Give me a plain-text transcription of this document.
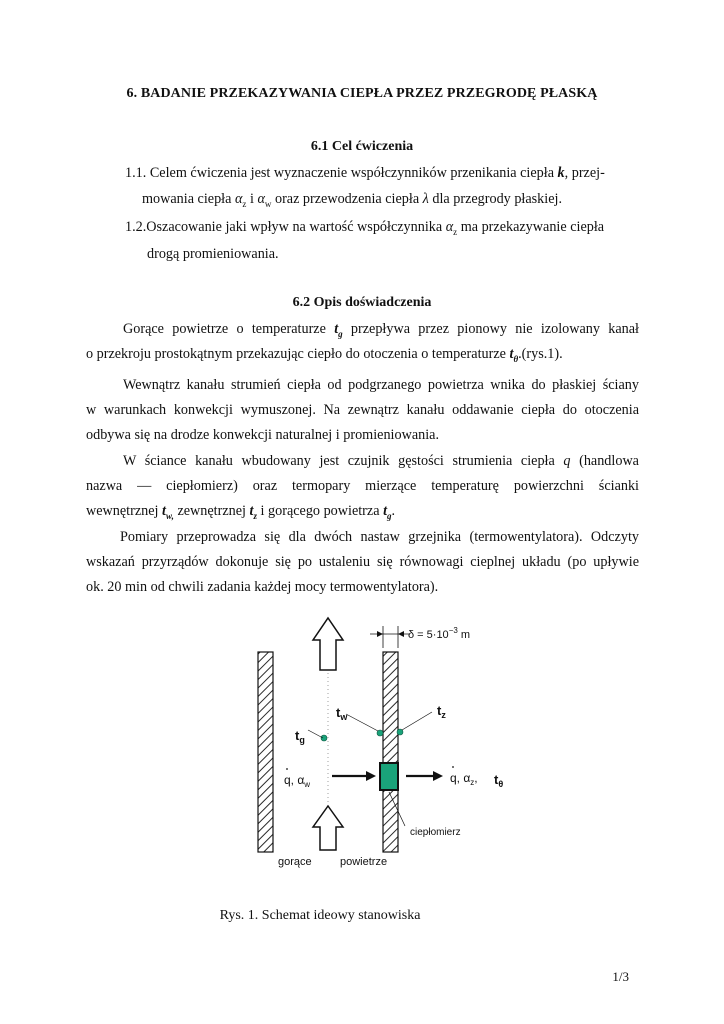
6. BADANIE PRZEKAZYWANIA CIEPŁA PRZEZ PRZEGRODĘ PŁASKĄ
6.1 Cel ćwiczenia
1.1. Celem ćwiczenia jest wyznaczenie współczynników przenikania ciepła k, przej-
mowania ciepła $\alpha_z$ i $\alpha_w$ oraz przewodzenia ciepła λ dla przegrody płaskiej.
1.2.Oszacowanie jaki wpływ na wartość współczynnika $\alpha_z$ ma przekazywanie ciepła
drogą promieniowania.
6.2 Opis doświadczenia
Gorące powietrze o temperaturze $t_g$ przepływa przez pionowy nie izolowany kanał
o przekroju prostokątnym przekazując ciepło do otoczenia o temperaturze $t_\theta.(rys.1)$.
Wewnątrz kanału strumień ciepła od podgrzanego powietrza wnika do płaskiej ściany
w warunkach konwekcji wymuszonej. Na zewnątrz kanału oddawanie ciepła do otoczenia
odbywa się na drodze konwekcji naturalnej i promieniowania.
W ściance kanału wbudowany jest czujnik gęstości strumienia ciepła q (handlowa
nazwa — ciepłomierz) oraz termopary mierzące temperaturę powierzchni ścianki
wewnętrznej $t_{w,}$ zewnętrznej $t_z$ i gorącego powietrza $t_g$.
Pomiary przeprowadza się dla dwóch nastaw grzejnika (termowentylatora). Odczyty
wskazań przyrządów dokonuje się po ustaleniu się równowagi cieplnej układu (po upływie
ok. 20 min od chwili zadania każdej mocy termowentylatora).
$\delta = 5\cdot 10^{-3}$ m
$t_w$	$t_z$
$t_g$
q, $\alpha_w$	q, $\alpha_z$, $t_\theta$
ciepłomierz
gorące	powietrze
Rys. 1. Schemat ideowy stanowiska
1/3
